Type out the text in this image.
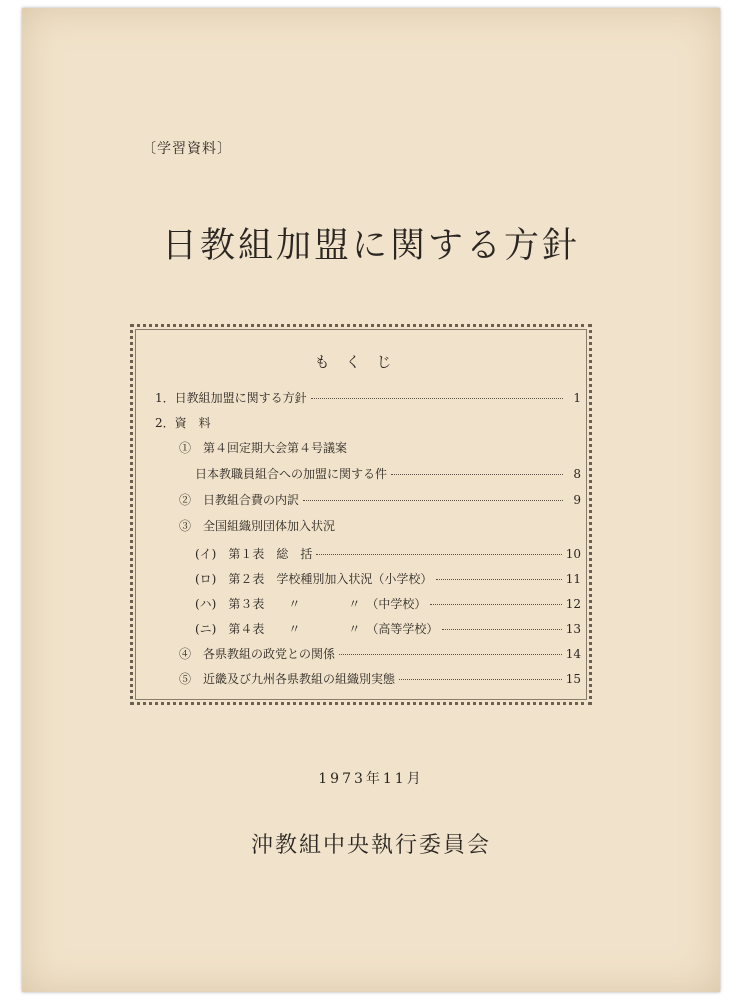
〔学習資料〕
日教組加盟に関する方針
もくじ
1．日教組加盟に関する方針	1
2．資　料
①　第４回定期大会第４号議案
日本教職員組合への加盟に関する件	8
②　日教組合費の内訳	9
③　全国組織別団体加入状況
(イ)　第１表　総　括	10
(ロ)　第２表　学校種別加入状況（小学校）	11
(ハ)　第３表　　〃　　　　〃　（中学校）	12
(ニ)　第４表　　〃　　　　〃　（高等学校）	13
④　各県教組の政党との関係	14
⑤　近畿及び九州各県教組の組織別実態	15
1973年11月
沖教組中央執行委員会
